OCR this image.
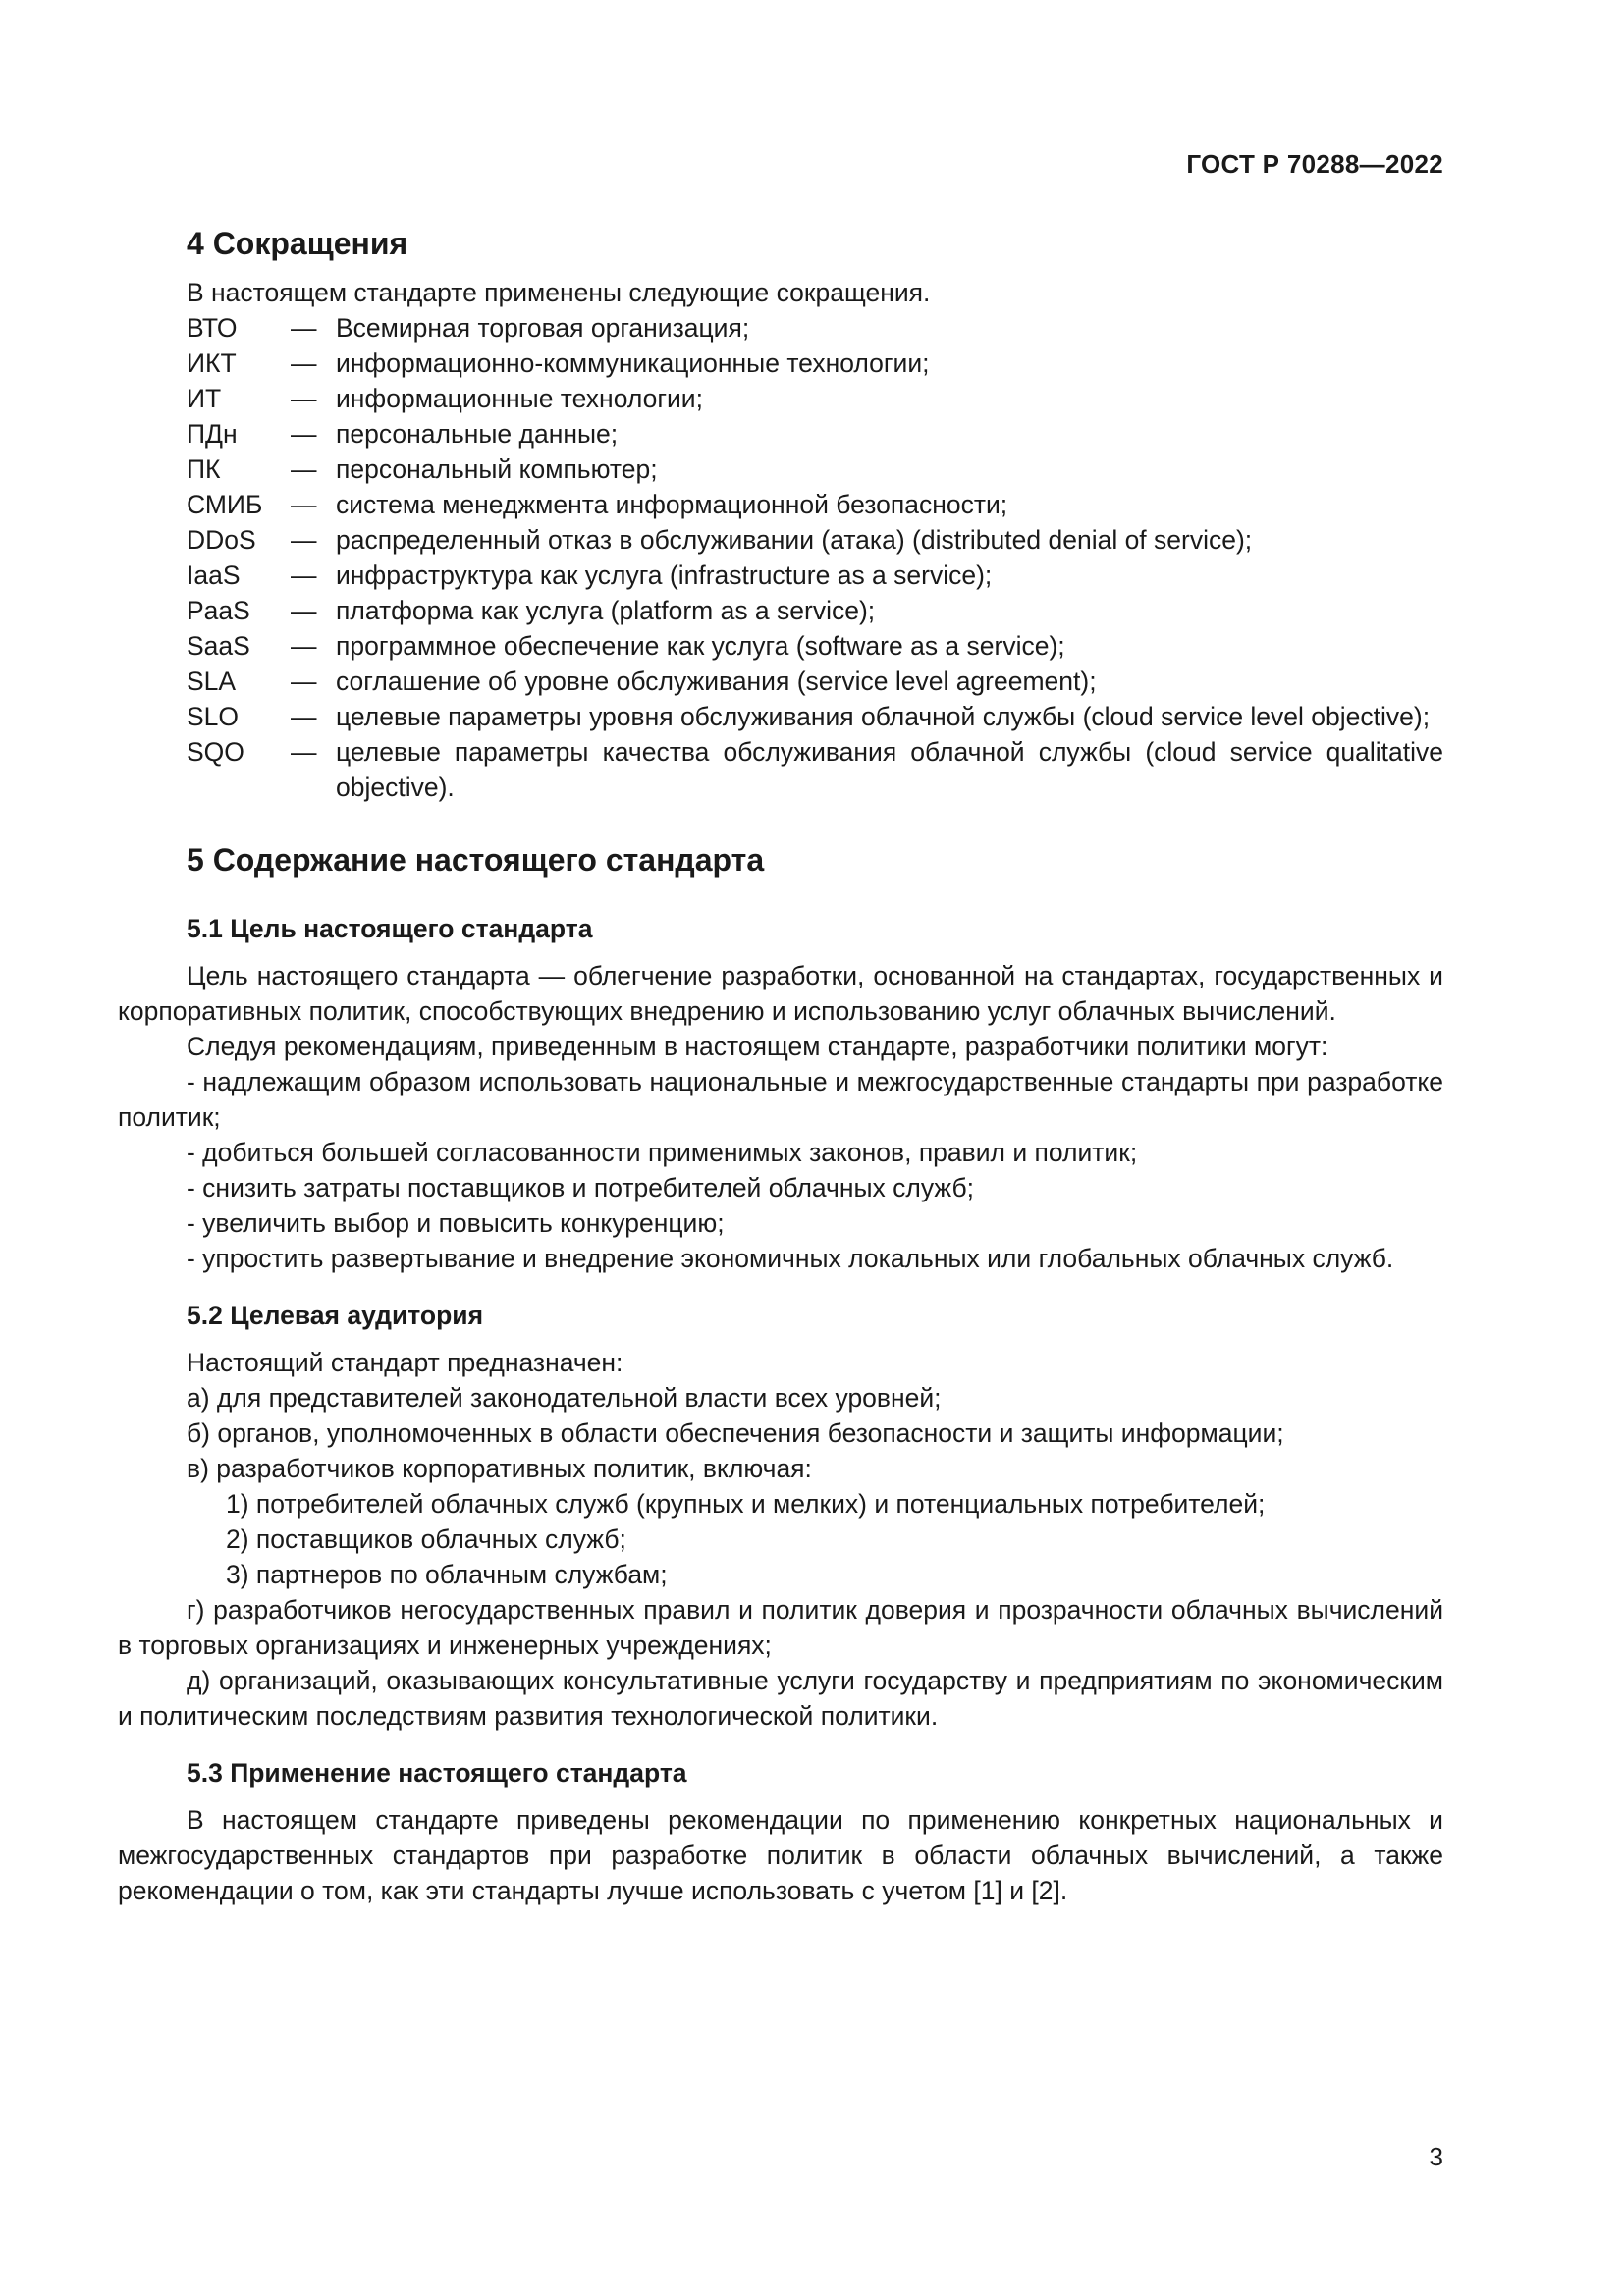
ГОСТ Р 70288—2022
4 Сокращения

В настоящем стандарте применены следующие сокращения.

ВТО	— Всемирная торговая организация;
ИКТ	— информационно-коммуникационные технологии;
ИТ	— информационные технологии;
ПДн	— персональные данные;
ПК	— персональный компьютер;
СМИБ	— система менеджмента информационной безопасности;
DDoS	— распределенный отказ в обслуживании (атака) (distributed denial of service);
IaaS	— инфраструктура как услуга (infrastructure as a service);
PaaS	— платформа как услуга (platform as a service);
SaaS	— программное обеспечение как услуга (software as a service);
SLA	— соглашение об уровне обслуживания (service level agreement);
SLO	— целевые параметры уровня обслуживания облачной службы (cloud service level objective);
SQO	— целевые параметры качества обслуживания облачной службы (cloud service qualitative objective).
5 Содержание настоящего стандарта
5.1 Цель настоящего стандарта

Цель настоящего стандарта — облегчение разработки, основанной на стандартах, государственных и корпоративных политик, способствующих внедрению и использованию услуг облачных вычислений.

Следуя рекомендациям, приведенным в настоящем стандарте, разработчики политики могут:

- надлежащим образом использовать национальные и межгосударственные стандарты при разработке политик;

- добиться большей согласованности применимых законов, правил и политик;

- снизить затраты поставщиков и потребителей облачных служб;

- увеличить выбор и повысить конкуренцию;

- упростить развертывание и внедрение экономичных локальных или глобальных облачных служб.

5.2 Целевая аудитория

Настоящий стандарт предназначен:

а) для представителей законодательной власти всех уровней;

б) органов, уполномоченных в области обеспечения безопасности и защиты информации;

в) разработчиков корпоративных политик, включая:

1) потребителей облачных служб (крупных и мелких) и потенциальных потребителей;

2) поставщиков облачных служб;

3) партнеров по облачным службам;

г) разработчиков негосударственных правил и политик доверия и прозрачности облачных вычислений в торговых организациях и инженерных учреждениях;

д) организаций, оказывающих консультативные услуги государству и предприятиям по экономическим и политическим последствиям развития технологической политики.

5.3 Применение настоящего стандарта

В настоящем стандарте приведены рекомендации по применению конкретных национальных и межгосударственных стандартов при разработке политик в области облачных вычислений, а также рекомендации о том, как эти стандарты лучше использовать с учетом [1] и [2].

3
